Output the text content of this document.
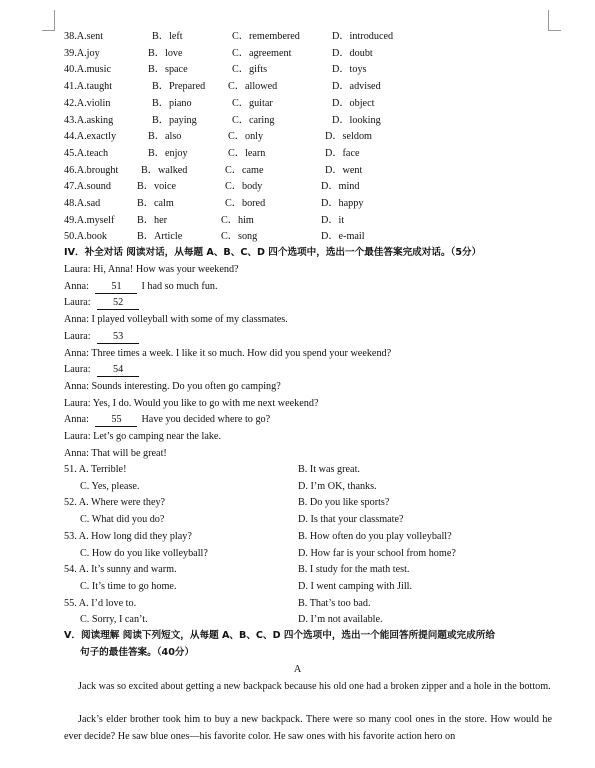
38.A.sent	B．left	C．remembered	D．introduced
39.A.joy	B．love	C．agreement	D．doubt
40.A.music	B．space	C．gifts	D．toys
41.A.taught	B．Prepared C．allowed	D．advised
42.A.violin	B．piano	C．guitar	D．object
43.A.asking	B．paying	C．caring	D．looking
44.A.exactly	B．also	C．only	D．seldom
45.A.teach	B．enjoy	C．learn	D．face
46.A.brought B．walked	C．came	D．went
47.A.sound	B．voice	C．body	D．mind
48.A.sad	B．calm	C．bored	D．happy
49.A.myself B．her	C．him	D．it
50.A.book	B．Article	C．song	D．e-mail
IV．补全对话 阅读对话，从每题 A、B、C、D 四个选项中，选出一个最佳答案完成对话。（5分）
Laura: Hi, Anna! How was your weekend?
Anna: 51 I had so much fun.
Laura: 52
Anna: I played volleyball with some of my classmates.
Laura: 53
Anna: Three times a week. I like it so much. How did you spend your weekend?
Laura: 54
Anna: Sounds interesting. Do you often go camping?
Laura: Yes, I do. Would you like to go with me next weekend?
Anna: 55 Have you decided where to go?
Laura: Let’s go camping near the lake.
Anna: That will be great!
51. A. Terrible!	B. It was great.
C. Yes, please.	D. I’m OK, thanks.
52. A. Where were they?	B. Do you like sports?
C. What did you do?	D. Is that your classmate?
53. A. How long did they play?	B. How often do you play volleyball?
C. How do you like volleyball?	D. How far is your school from home?
54. A. It’s sunny and warm.	B. I study for the math test.
C. It’s time to go home.	D. I went camping with Jill.
55. A. I’d love to.	B. That’s too bad.
C. Sorry, I can’t.	D. I’m not available.
V．阅读理解 阅读下列短文，从每题 A、B、C、D 四个选项中，选出一个能回答所提问题或完成所给
句子的最佳答案。（40分）
A
Jack was so excited about getting a new backpack because his old one had a broken zipper and a hole in the bottom.
Jack’s elder brother took him to buy a new backpack. There were so many cool ones in the store. How would he ever decide? He saw blue ones—his favorite color. He saw ones with his favorite action hero on
